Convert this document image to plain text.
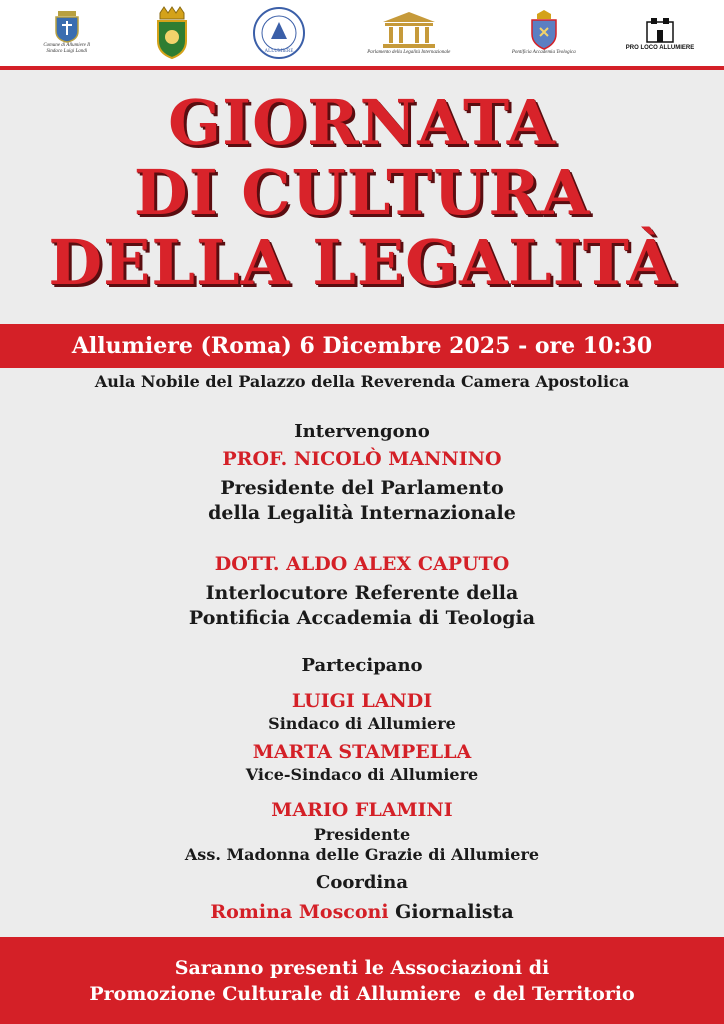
Comune di Allumiere Il Sindaco Luigi Landi	ALLUMIERE	Parlamento della Legalità Internazionale	Pontificia Accademia Teologica
PRO LOCO ALLUMIERE
GIORNATA
DI CULTURA
DELLA LEGALITÀ
Allumiere (Roma) 6 Dicembre 2025 - ore 10:30
Aula Nobile del Palazzo della Reverenda Camera Apostolica
Intervengono
PROF. NICOLÒ MANNINO
Presidente del Parlamento
della Legalità Internazionale
DOTT. ALDO ALEX CAPUTO
Interlocutore Referente della
Pontificia Accademia di Teologia
Partecipano
LUIGI LANDI
Sindaco di Allumiere
MARTA STAMPELLA
Vice-Sindaco di Allumiere
MARIO FLAMINI
Presidente
Ass. Madonna delle Grazie di Allumiere
Coordina
Romina Mosconi Giornalista
Saranno presenti le Associazioni di
Promozione Culturale di Allumiere  e del Territorio
